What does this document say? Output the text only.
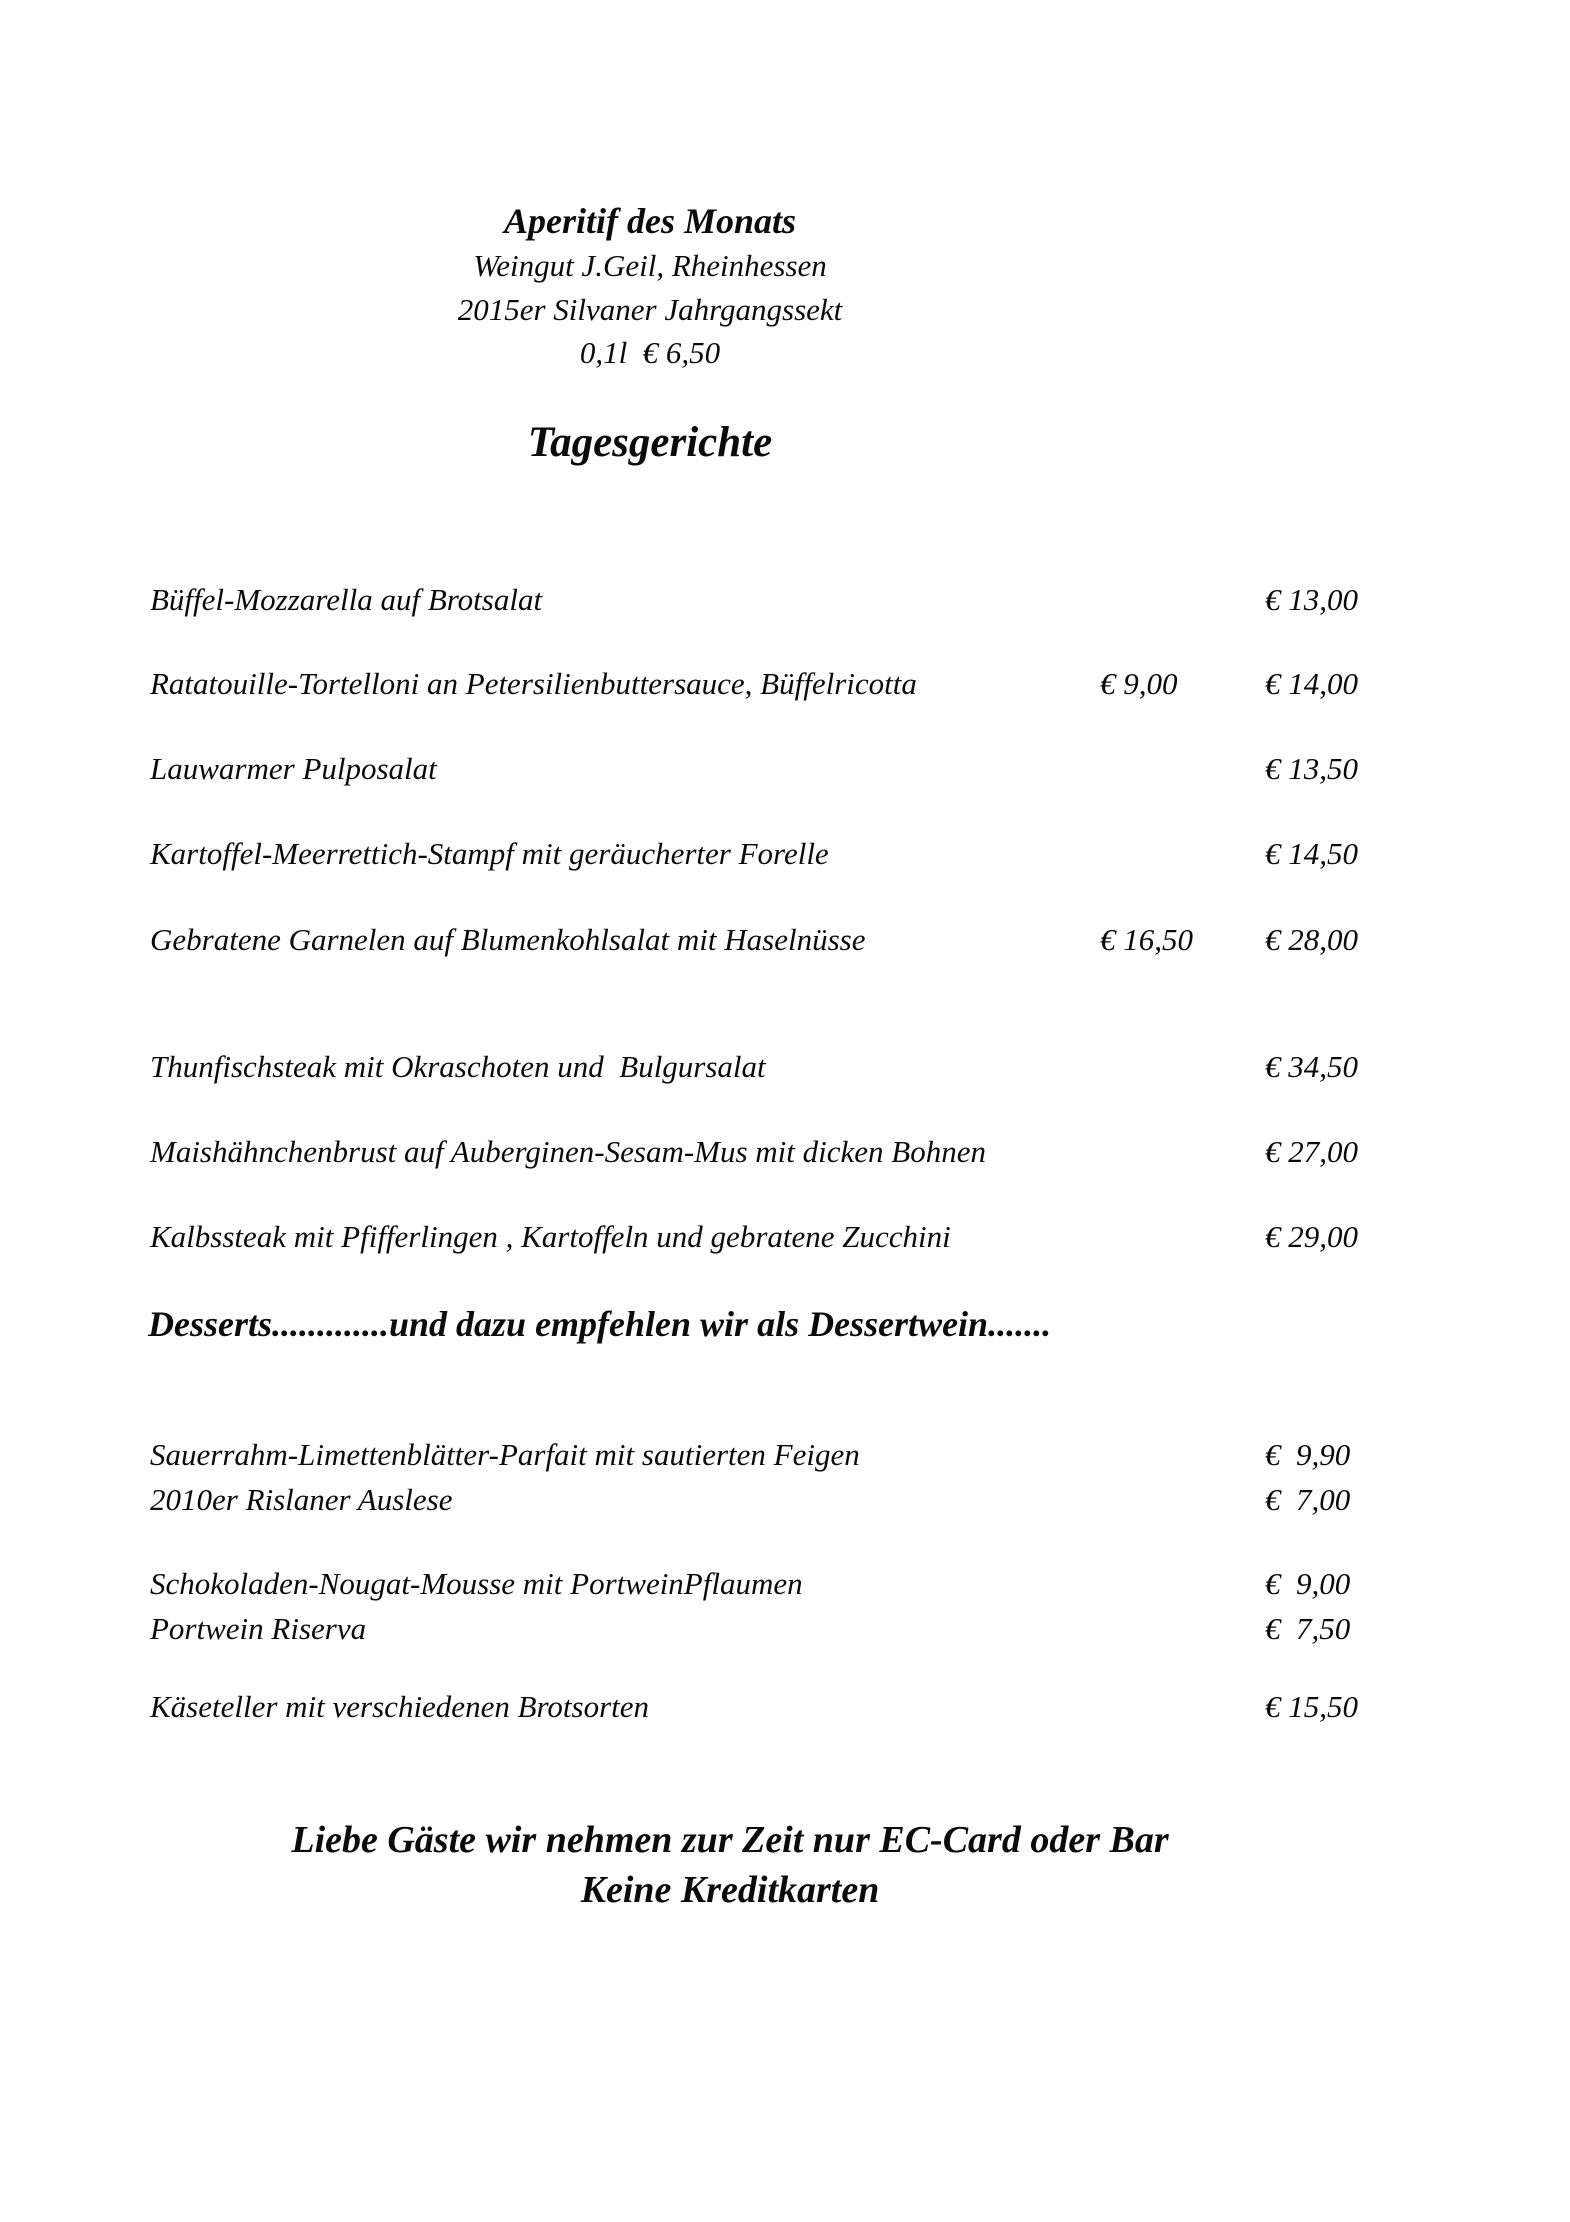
Aperitif des Monats
Weingut J.Geil, Rheinhessen
2015er Silvaner Jahrgangssekt
0,1l  € 6,50
Tagesgerichte
Büffel-Mozzarella auf Brotsalat	€ 13,00
Ratatouille-Tortelloni an Petersilienbuttersauce, Büffelricotta	€ 9,00	€ 14,00
Lauwarmer Pulposalat	€ 13,50
Kartoffel-Meerrettich-Stampf mit geräucherter Forelle	€ 14,50
Gebratene Garnelen auf Blumenkohlsalat mit Haselnüsse	€ 16,50	€ 28,00
Thunfischsteak mit Okraschoten und  Bulgursalat	€ 34,50
Maishähnchenbrust auf Auberginen-Sesam-Mus mit dicken Bohnen	€ 27,00
Kalbssteak mit Pfifferlingen , Kartoffeln und gebratene Zucchini	€ 29,00
Desserts.............und dazu empfehlen wir als Dessertwein.......
Sauerrahm-Limettenblätter-Parfait mit sautierten Feigen	€  9,90
2010er Rislaner Auslese	€  7,00
Schokoladen-Nougat-Mousse mit PortweinPflaumen	€  9,00
Portwein Riserva	€  7,50
Käseteller mit verschiedenen Brotsorten	€ 15,50
Liebe Gäste wir nehmen zur Zeit nur EC-Card oder Bar
Keine Kreditkarten
